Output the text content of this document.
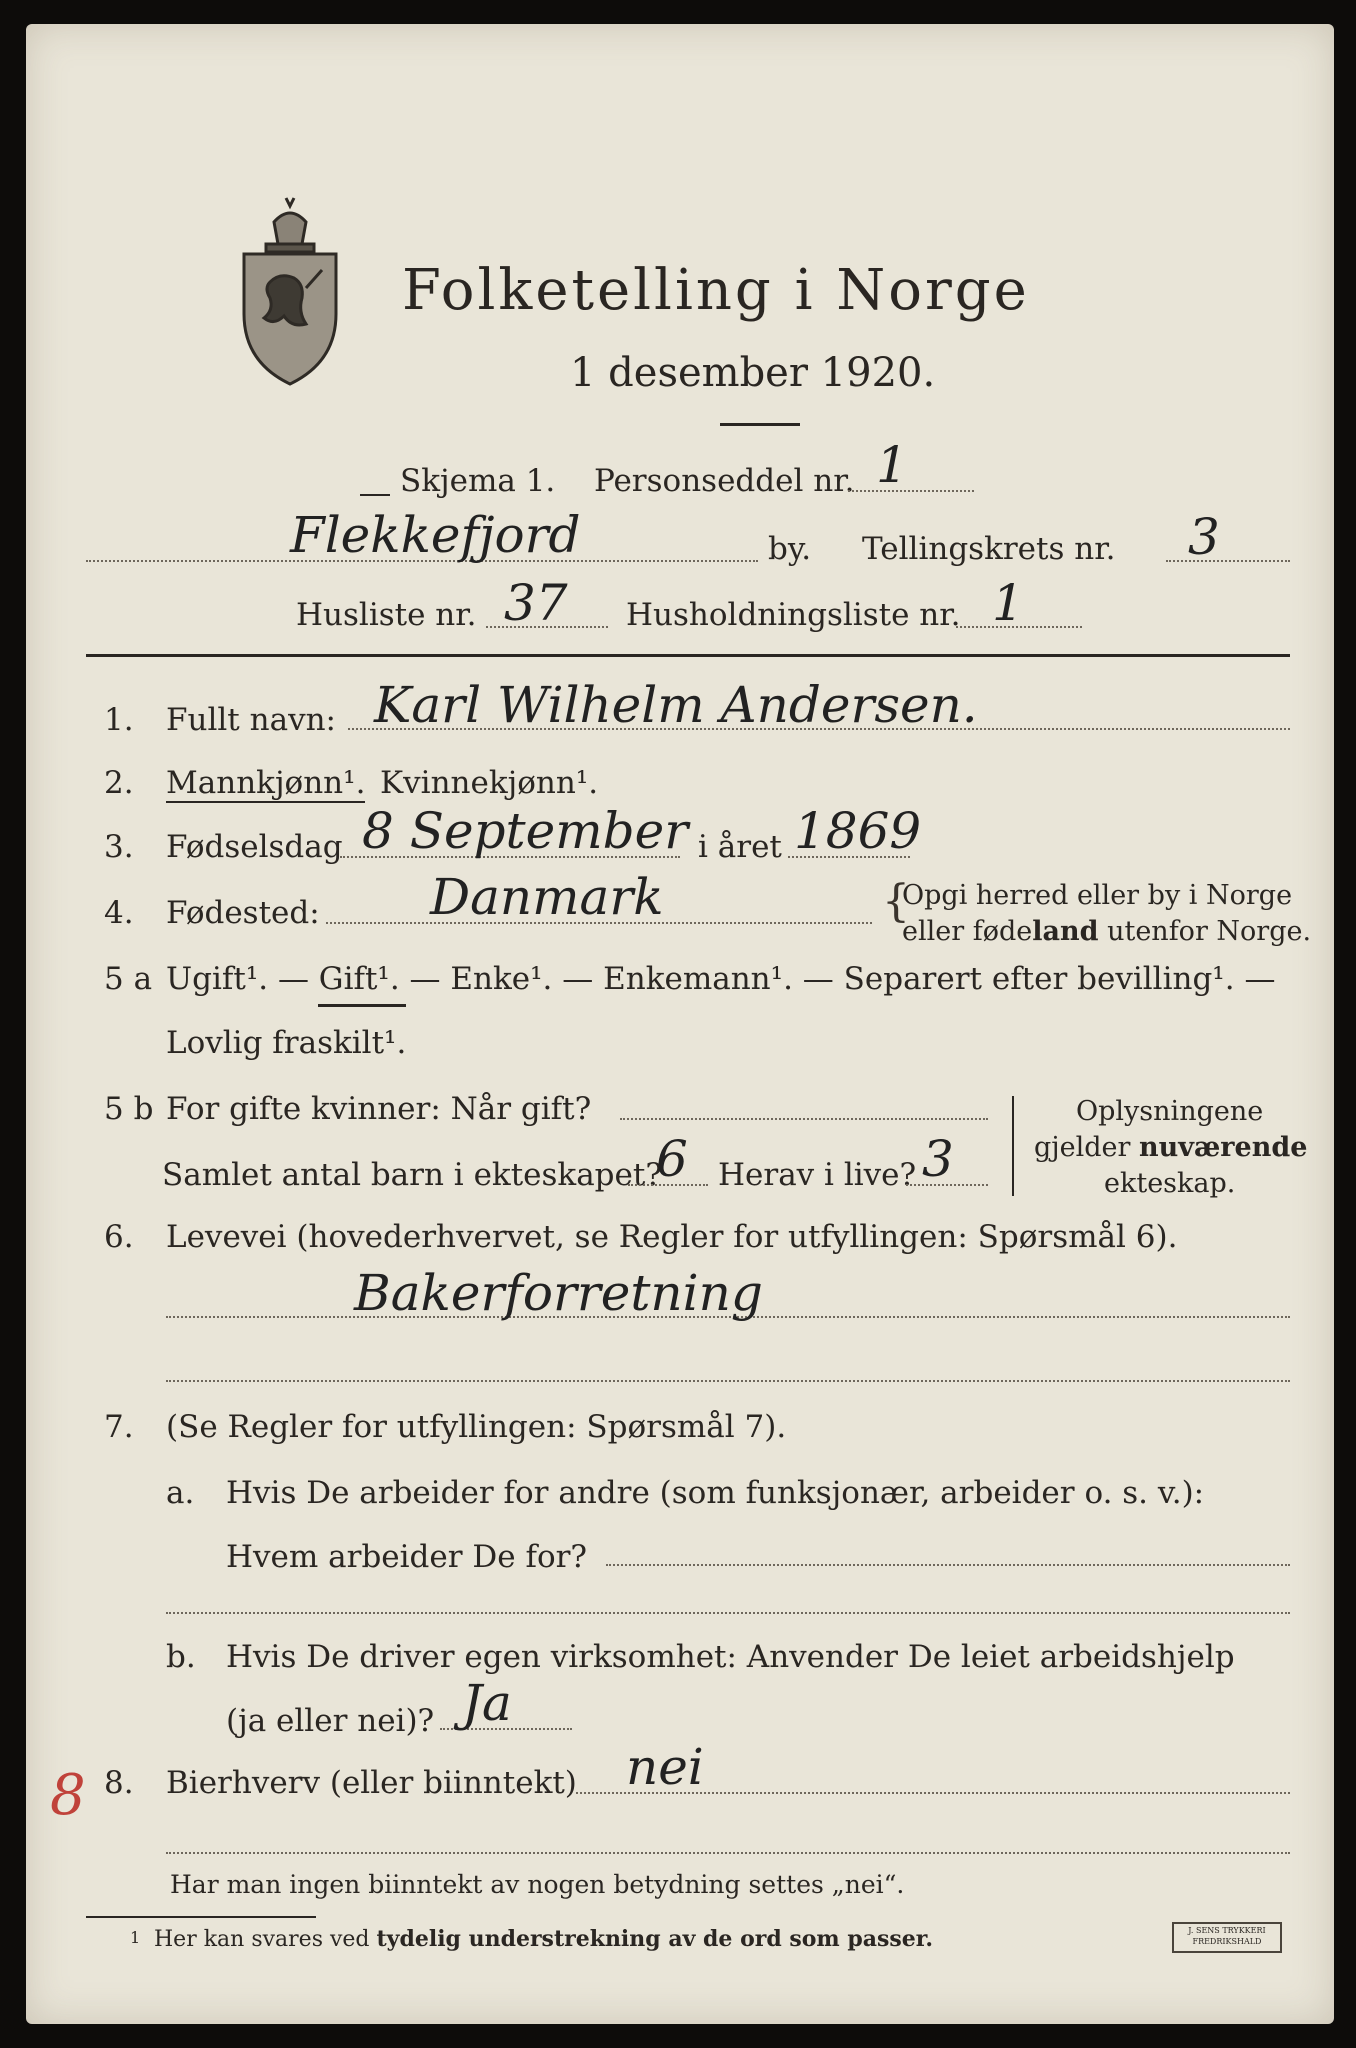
Folketelling i Norge
1 desember 1920.
Skjema 1. Personseddel nr. 1
Flekkefjord	by. Tellingskrets nr. 3
Husliste nr. 37 Husholdningsliste nr. 1
1. Fullt navn: Karl Wilhelm Andersen.
2. Mannkjønn¹. Kvinnekjønn¹.
3. Fødselsdag 8 September i året 1869
4. Fødested: Danmark	{
Opgi herred eller by i Norge
eller fødeland utenfor Norge.
5 a Ugift¹. — Gift¹. — Enke¹. — Enkemann¹. — Separert efter bevilling¹. —
Lovlig fraskilt¹.
5 b For gifte kvinner: Når gift?
Samlet antal barn i ekteskapet?
6 Herav i live? 3
Oplysningene
gjelder nuværende
ekteskap.
6. Levevei (hovederhvervet, se Regler for utfyllingen: Spørsmål 6).
Bakerforretning
7. (Se Regler for utfyllingen: Spørsmål 7).
a. Hvis De arbeider for andre (som funksjonær, arbeider o. s. v.):
Hvem arbeider De for?
b. Hvis De driver egen virksomhet: Anvender De leiet arbeidshjelp
(ja eller nei)? Ja
8 8. Bierhverv (eller biinntekt) nei
Har man ingen biinntekt av nogen betydning settes „nei“.
1 Her kan svares ved tydelig understrekning av de ord som passer.	J. SENS TRYKKERI FREDRIKSHALD
